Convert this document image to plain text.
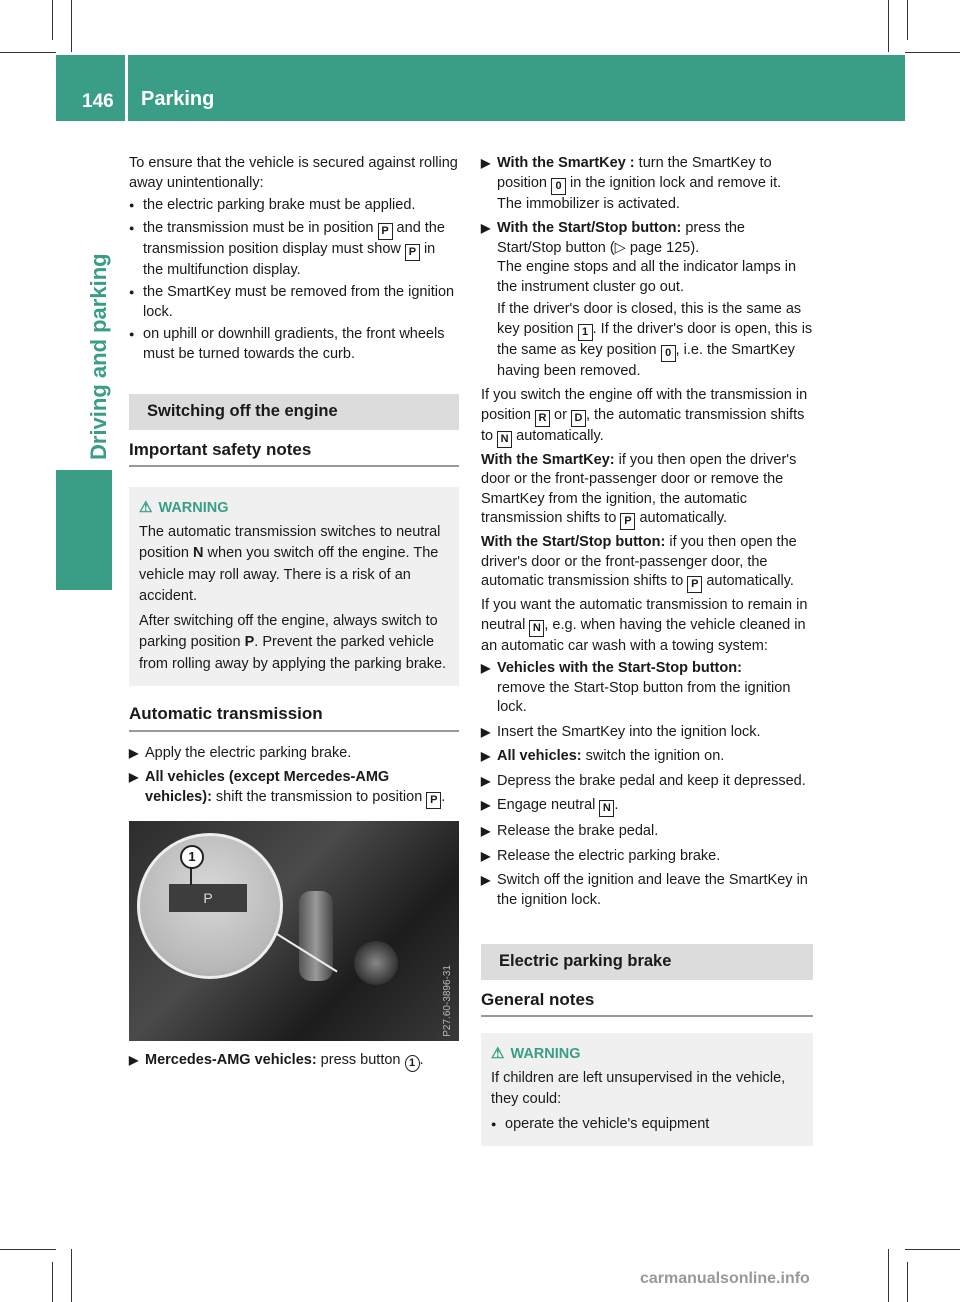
146 Parking
Driving and parking

To ensure that the vehicle is secured against rolling away unintentionally:

● the electric parking brake must be applied.
● the transmission must be in position P and the transmission position display must show P in the multifunction display.
● the SmartKey must be removed from the ignition lock.
● on uphill or downhill gradients, the front wheels must be turned towards the curb.
Switching off the engine
Important safety notes
⚠ WARNING

The automatic transmission switches to neutral position N when you switch off the engine. The vehicle may roll away. There is a risk of an accident.

After switching off the engine, always switch to parking position P. Prevent the parked vehicle from rolling away by applying the parking brake.

Automatic transmission
▶ Apply the electric parking brake.
▶ All vehicles (except Mercedes-AMG vehicles): shift the transmission to position P .
P
1
P27.60-3896-31
▶ Mercedes-AMG vehicles: press button 1 .
▶ With the SmartKey : turn the SmartKey to position 0 in the ignition lock and remove it.
The immobilizer is activated.
▶ With the Start/Stop button: press the Start/Stop button (▷ page 125).
The engine stops and all the indicator lamps in the instrument cluster go out.

If the driver's door is closed, this is the same as key position 1 . If the driver's door is open, this is the same as key position 0 , i.e. the SmartKey having been removed.

If you switch the engine off with the transmission in position R or D , the automatic transmission shifts to N automatically.

With the SmartKey: if you then open the driver's door or the front-passenger door or remove the SmartKey from the ignition, the automatic transmission shifts to P automatically.

With the Start/Stop button: if you then open the driver's door or the front-passenger door, the automatic transmission shifts to P automatically.

If you want the automatic transmission to remain in neutral N , e.g. when having the vehicle cleaned in an automatic car wash with a towing system:

▶ Vehicles with the Start-Stop button:
remove the Start-Stop button from the ignition lock.
▶ Insert the SmartKey into the ignition lock.
▶ All vehicles: switch the ignition on.
▶ Depress the brake pedal and keep it depressed.
▶ Engage neutral N .
▶ Release the brake pedal.
▶ Release the electric parking brake.
▶ Switch off the ignition and leave the SmartKey in the ignition lock.
Electric parking brake
General notes
⚠ WARNING

If children are left unsupervised in the vehicle, they could:

● operate the vehicle's equipment
carmanualsonline.info
